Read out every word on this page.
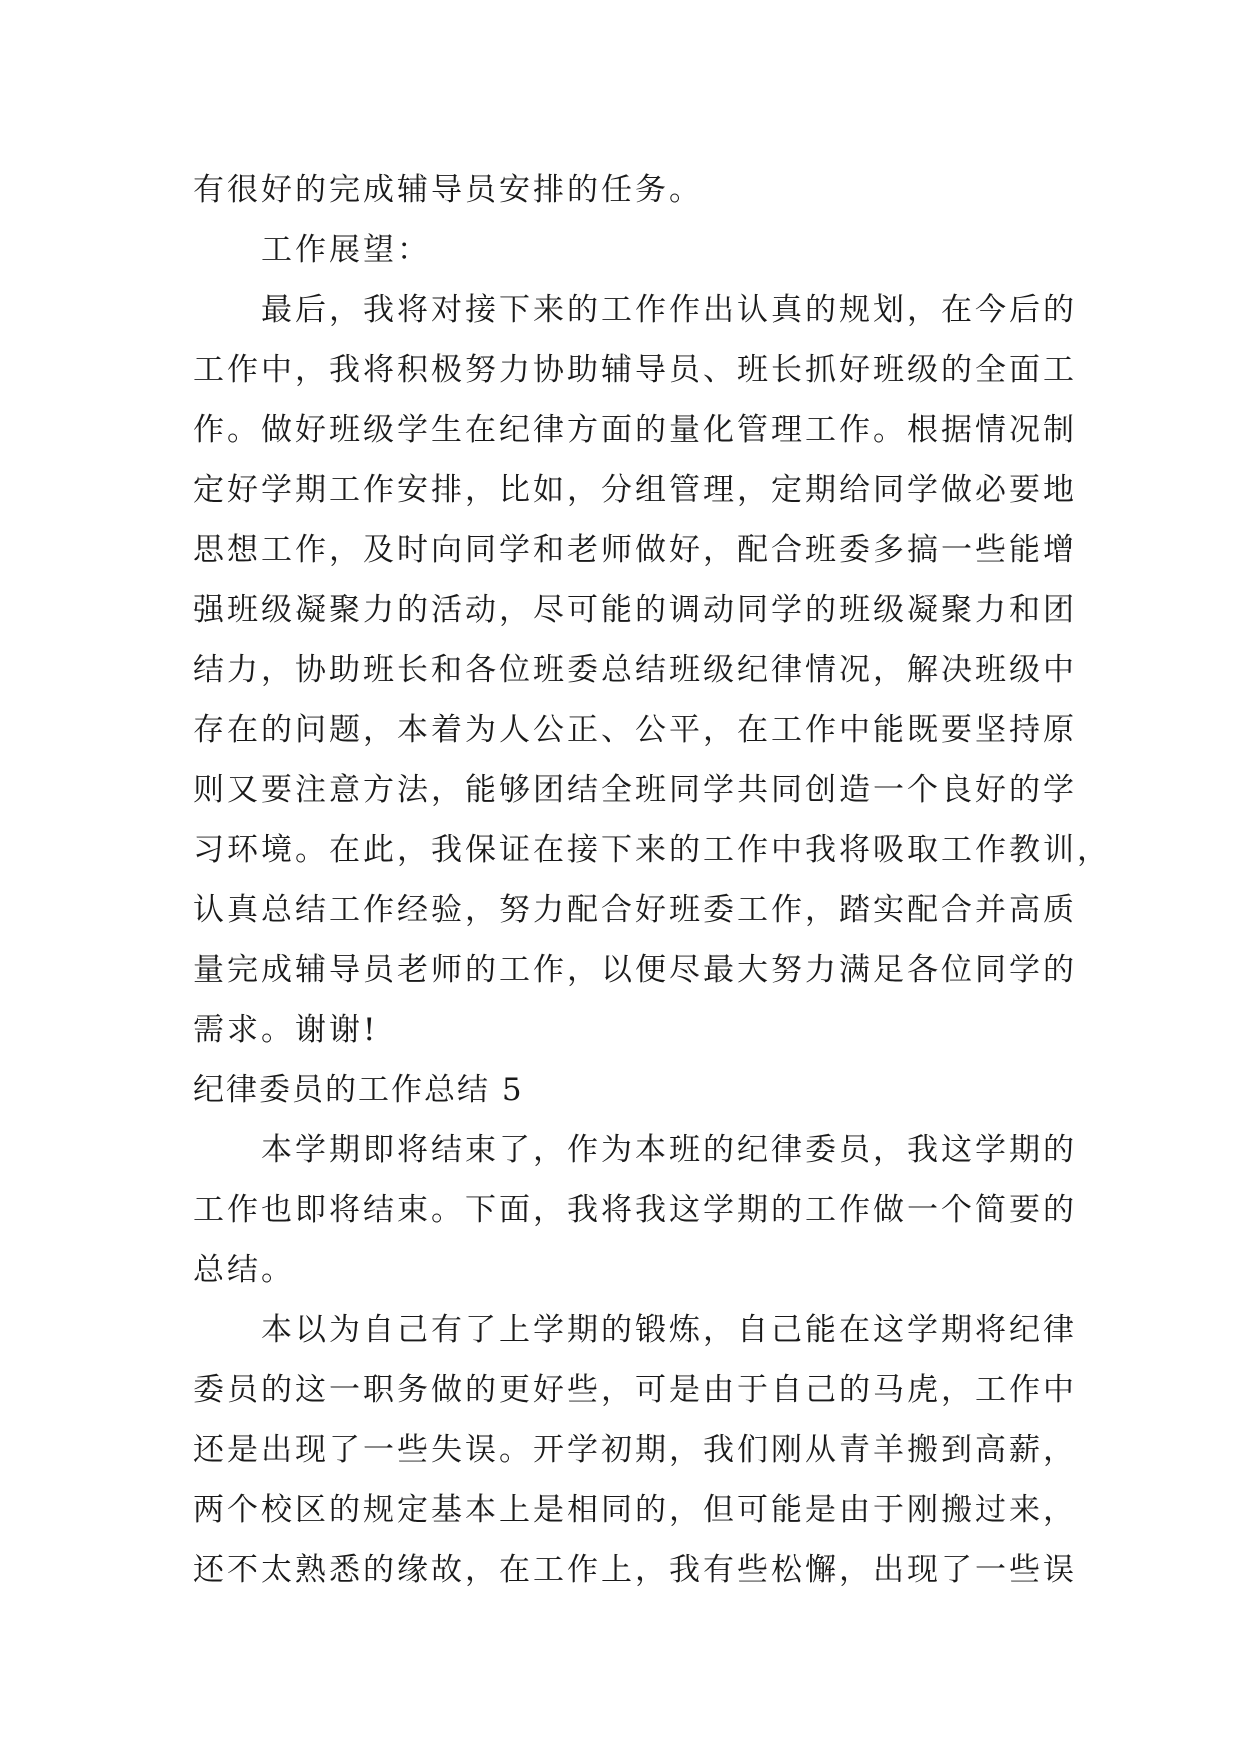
有很好的完成辅导员安排的任务。
工作展望：
最后，我将对接下来的工作作出认真的规划，在今后的
工作中，我将积极努力协助辅导员、班长抓好班级的全面工
作。做好班级学生在纪律方面的量化管理工作。根据情况制
定好学期工作安排，比如，分组管理，定期给同学做必要地
思想工作，及时向同学和老师做好，配合班委多搞一些能增
强班级凝聚力的活动，尽可能的调动同学的班级凝聚力和团
结力，协助班长和各位班委总结班级纪律情况，解决班级中
存在的问题，本着为人公正、公平，在工作中能既要坚持原
则又要注意方法，能够团结全班同学共同创造一个良好的学
习环境。在此，我保证在接下来的工作中我将吸取工作教训，
认真总结工作经验，努力配合好班委工作，踏实配合并高质
量完成辅导员老师的工作，以便尽最大努力满足各位同学的
需求。谢谢!
纪律委员的工作总结 5
本学期即将结束了，作为本班的纪律委员，我这学期的
工作也即将结束。下面，我将我这学期的工作做一个简要的
总结。
本以为自己有了上学期的锻炼，自己能在这学期将纪律
委员的这一职务做的更好些，可是由于自己的马虎，工作中
还是出现了一些失误。开学初期，我们刚从青羊搬到高薪，
两个校区的规定基本上是相同的，但可能是由于刚搬过来，
还不太熟悉的缘故，在工作上，我有些松懈，出现了一些误
